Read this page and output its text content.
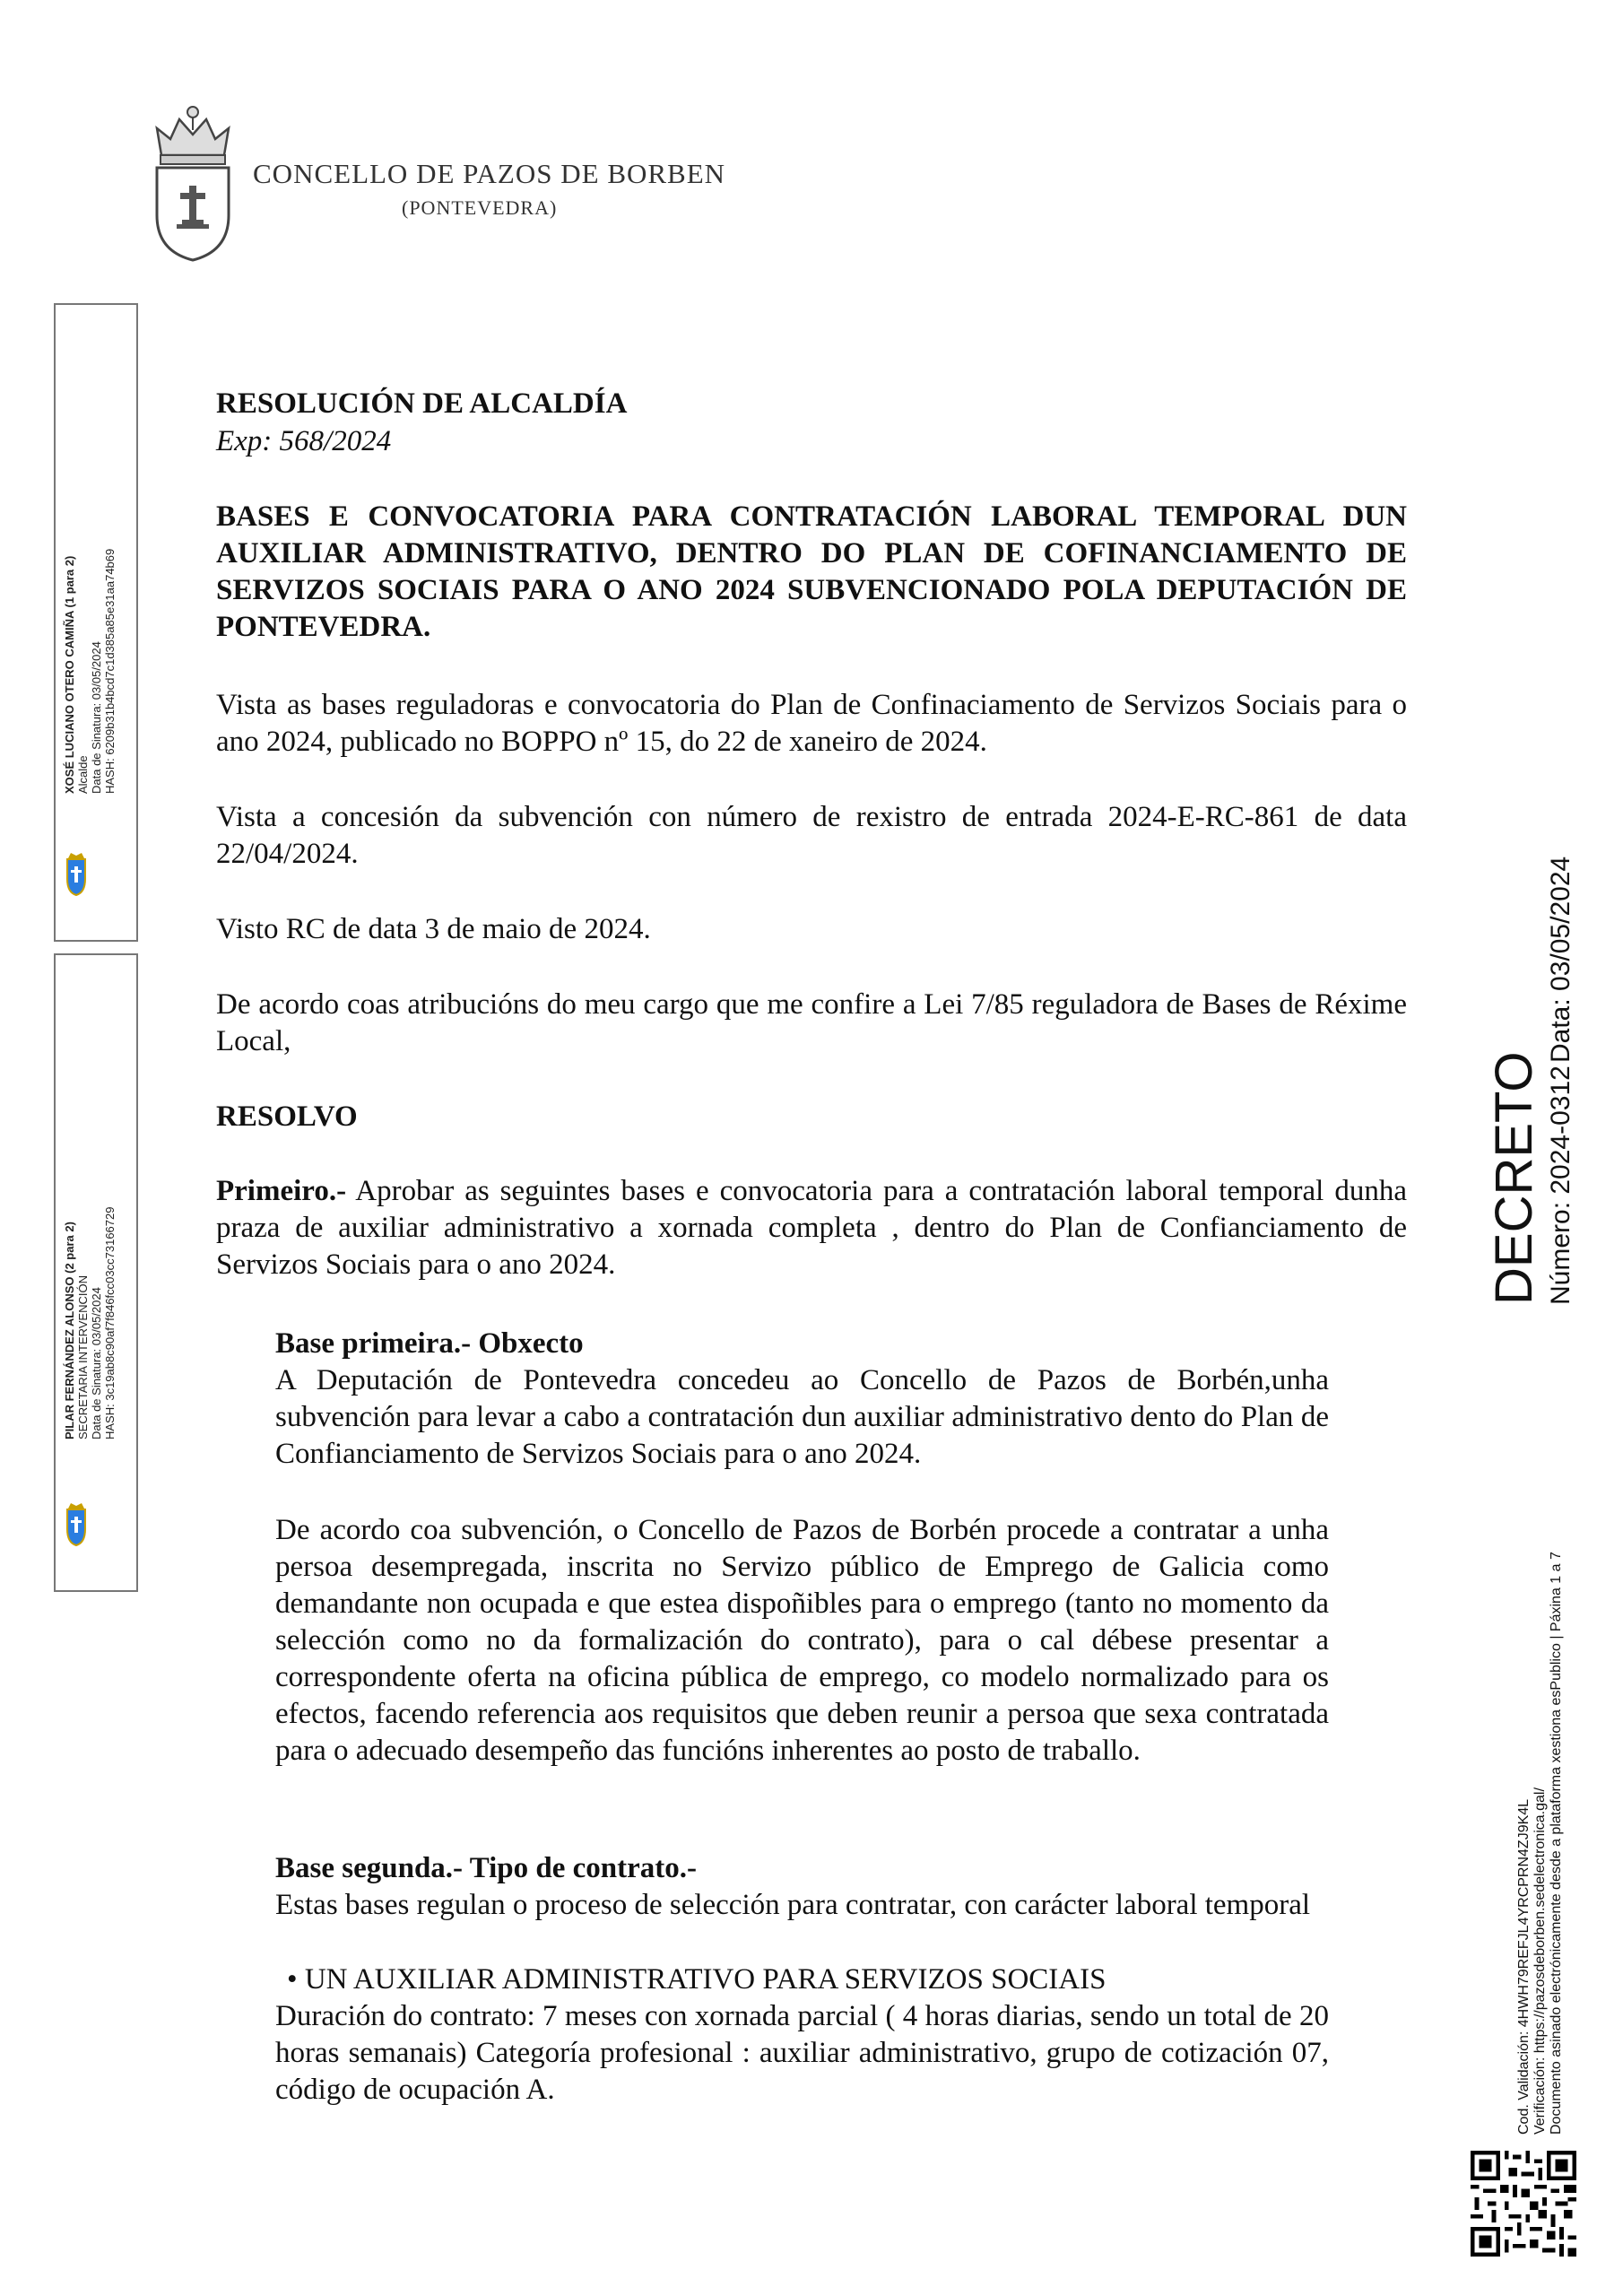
CONCELLO DE PAZOS DE BORBEN
(PONTEVEDRA)
XOSÉ LUCIANO OTERO CAMIÑA (1 para 2) Alcalde Data de Sinatura: 03/05/2024 HASH: 6209b31b4bcd7c1d385a85e31aa74b69
PILAR FERNÁNDEZ ALONSO (2 para 2) SECRETARIA INTERVENCIÓN Data de Sinatura: 03/05/2024 HASH: 3c19ab8c90af7f846fcc03cc73166729
DECRETO Número: 2024-0312
Data: 03/05/2024
Cod. Validación: 4HWH79REFJL4YRCPRN4ZJ9K4L Verificación: https://pazosdeborben.sedelectronica.gal/ Documento asinado electrónicamente desde a plataforma xestiona esPublico | Páxina 1 a 7
RESOLUCIÓN DE ALCALDÍA
Exp: 568/2024
BASES E CONVOCATORIA PARA CONTRATACIÓN LABORAL TEMPORAL DUN AUXILIAR ADMINISTRATIVO, DENTRO DO PLAN DE COFINANCIAMENTO DE SERVIZOS SOCIAIS PARA O ANO 2024 SUBVENCIONADO POLA DEPUTACIÓN DE PONTEVEDRA.
Vista as bases reguladoras e convocatoria do Plan de Confinaciamento de Servizos Sociais para o ano 2024, publicado no BOPPO nº 15, do 22 de xaneiro de 2024.
Vista a concesión da subvención con número de rexistro de entrada 2024-E-RC-861 de data 22/04/2024.
Visto RC de data 3 de maio de 2024.
De acordo coas atribucións do meu cargo que me confire a Lei 7/85 reguladora de Bases de Réxime Local,
RESOLVO
Primeiro.- Aprobar as seguintes bases e convocatoria para a contratación laboral temporal dunha praza de auxiliar administrativo a xornada completa , dentro do Plan de Confianciamento de Servizos Sociais para o ano 2024.
Base primeira.- Obxecto
A Deputación de Pontevedra concedeu ao Concello de Pazos de Borbén,unha subvención para levar a cabo a contratación dun auxiliar administrativo dento do Plan de Confianciamento de Servizos Sociais para o ano 2024.
De acordo coa subvención, o Concello de Pazos de Borbén procede a contratar a unha persoa desempregada, inscrita no Servizo público de Emprego de Galicia como demandante non ocupada e que estea dispoñibles para o emprego (tanto no momento da selección como no da formalización do contrato), para o cal débese presentar a correspondente oferta na oficina pública de emprego, co modelo normalizado para os efectos, facendo referencia aos requisitos que deben reunir a persoa que sexa contratada para o adecuado desempeño das funcións inherentes ao posto de traballo.
Base segunda.- Tipo de contrato.-
Estas bases regulan o proceso de selección para contratar, con carácter laboral temporal
• UN AUXILIAR ADMINISTRATIVO PARA SERVIZOS SOCIAIS
Duración do contrato: 7 meses con xornada parcial ( 4 horas diarias, sendo un total de 20 horas semanais) Categoría profesional : auxiliar administrativo, grupo de cotización 07, código de ocupación A.
